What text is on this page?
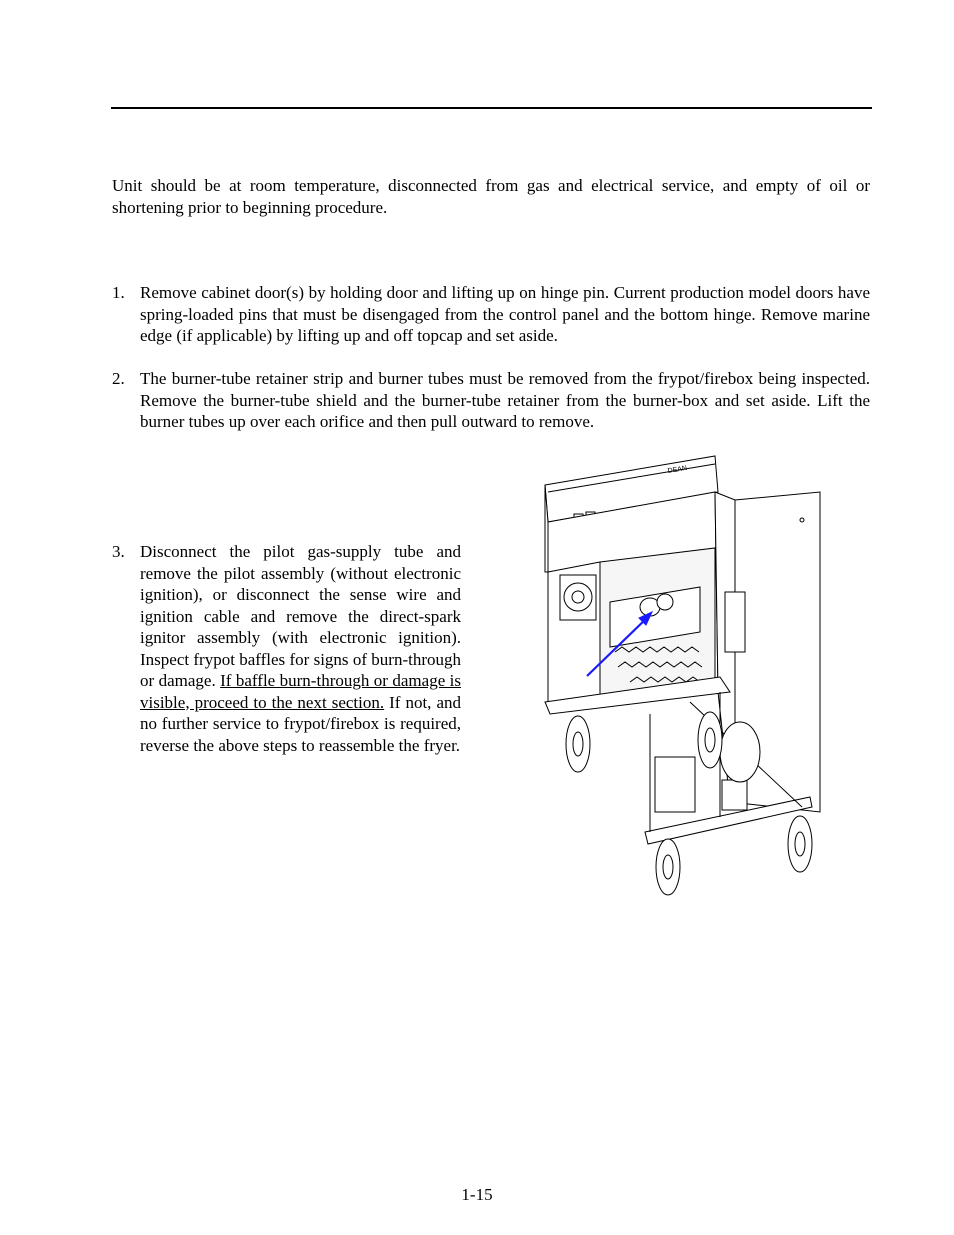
Unit should be at room temperature, disconnected from gas and electrical service, and empty of oil or shortening prior to beginning procedure.

1. Remove cabinet door(s) by holding door and lifting up on hinge pin. Current production model doors have spring-loaded pins that must be disengaged from the control panel and the bottom hinge. Remove marine edge (if applicable) by lifting up and off topcap and set aside.
2. The burner-tube retainer strip and burner tubes must be removed from the frypot/firebox being inspected. Remove the burner-tube shield and the burner-tube retainer from the burner-box and set aside. Lift the burner tubes up over each orifice and then pull outward to remove.
3. Disconnect the pilot gas-supply tube and remove the pilot assembly (without electronic ignition), or disconnect the sense wire and ignition cable and remove the direct-spark ignitor assembly (with electronic ignition). Inspect frypot baffles for signs of burn-through or damage. If baffle burn-through or damage is visible, proceed to the next section. If not, and no further service to frypot/firebox is required, reverse the above steps to reassemble the fryer.
DEAN
1-15
